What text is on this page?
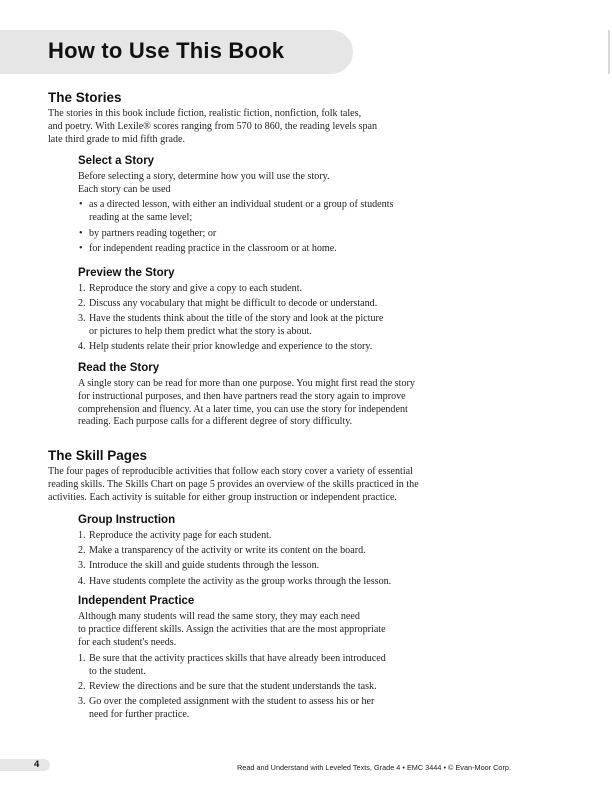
How to Use This Book
The Stories
The stories in this book include fiction, realistic fiction, nonfiction, folk tales,
and poetry. With Lexile® scores ranging from 570 to 860, the reading levels span
late third grade to mid fifth grade.
Select a Story
Before selecting a story, determine how you will use the story.
Each story can be used
• as a directed lesson, with either an individual student or a group of students
reading at the same level;
• by partners reading together; or
• for independent reading practice in the classroom or at home.
Preview the Story
1. Reproduce the story and give a copy to each student.
2. Discuss any vocabulary that might be difficult to decode or understand.
3. Have the students think about the title of the story and look at the picture
or pictures to help them predict what the story is about.
4. Help students relate their prior knowledge and experience to the story.
Read the Story
A single story can be read for more than one purpose. You might first read the story
for instructional purposes, and then have partners read the story again to improve
comprehension and fluency. At a later time, you can use the story for independent
reading. Each purpose calls for a different degree of story difficulty.
The Skill Pages
The four pages of reproducible activities that follow each story cover a variety of essential
reading skills. The Skills Chart on page 5 provides an overview of the skills practiced in the
activities. Each activity is suitable for either group instruction or independent practice.
Group Instruction
1. Reproduce the activity page for each student.
2. Make a transparency of the activity or write its content on the board.
3. Introduce the skill and guide students through the lesson.
4. Have students complete the activity as the group works through the lesson.
Independent Practice
Although many students will read the same story, they may each need
to practice different skills. Assign the activities that are the most appropriate
for each student's needs.
1. Be sure that the activity practices skills that have already been introduced
to the student.
2. Review the directions and be sure that the student understands the task.
3. Go over the completed assignment with the student to assess his or her
need for further practice.
4	Read and Understand with Leveled Texts, Grade 4 • EMC 3444 • © Evan-Moor Corp.
